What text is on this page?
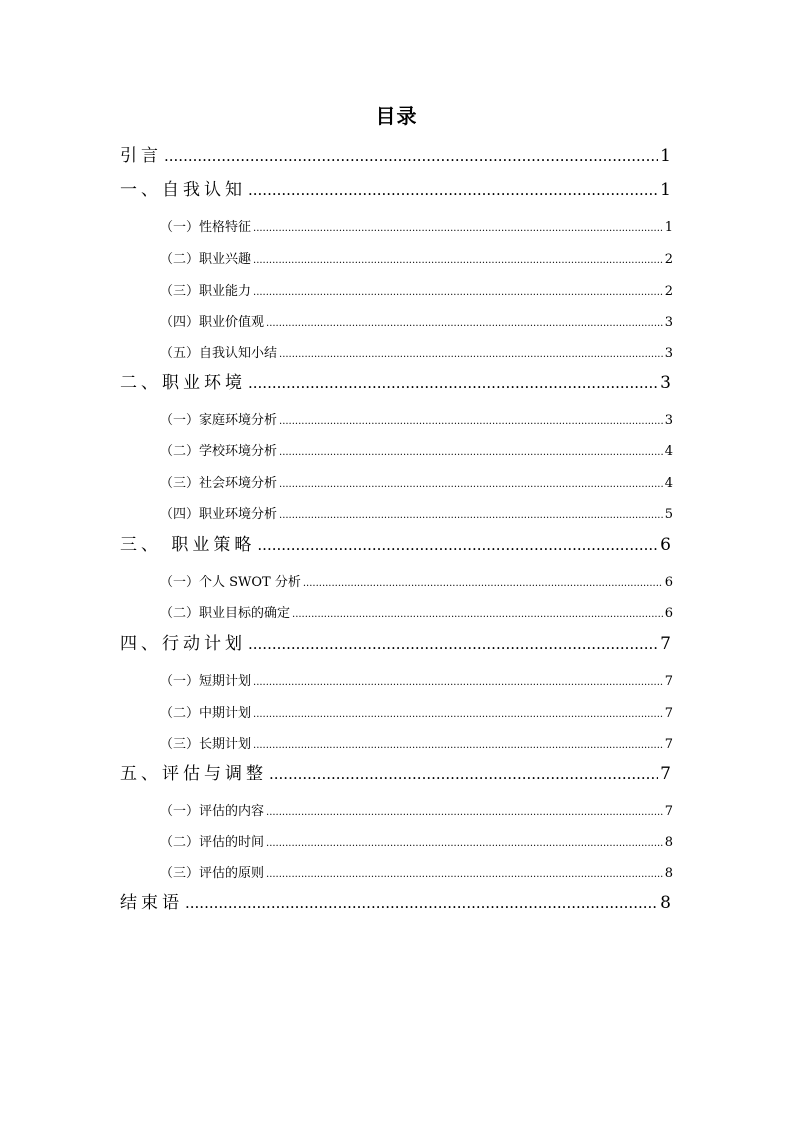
目录
引言 .....	1
一、自我认知 .....	1
（一）性格特征 .....	1
（二）职业兴趣 .....	2
（三）职业能力 .....	2
（四）职业价值观 .....	3
（五）自我认知小结 .....	3
二、职业环境 .....	3
（一）家庭环境分析 .....	3
（二）学校环境分析 .....	4
（三）社会环境分析 .....	4
（四）职业环境分析 .....	5
三、 职业策略 .....	6
（一）个人 SWOT 分析 .....	6
（二）职业目标的确定 .....	6
四、行动计划 .....	7
（一）短期计划 .....	7
（二）中期计划 .....	7
（三）长期计划 .....	7
五、评估与调整 .....	7
（一）评估的内容 .....	7
（二）评估的时间 .....	8
（三）评估的原则 .....	8
结束语 .....	8
